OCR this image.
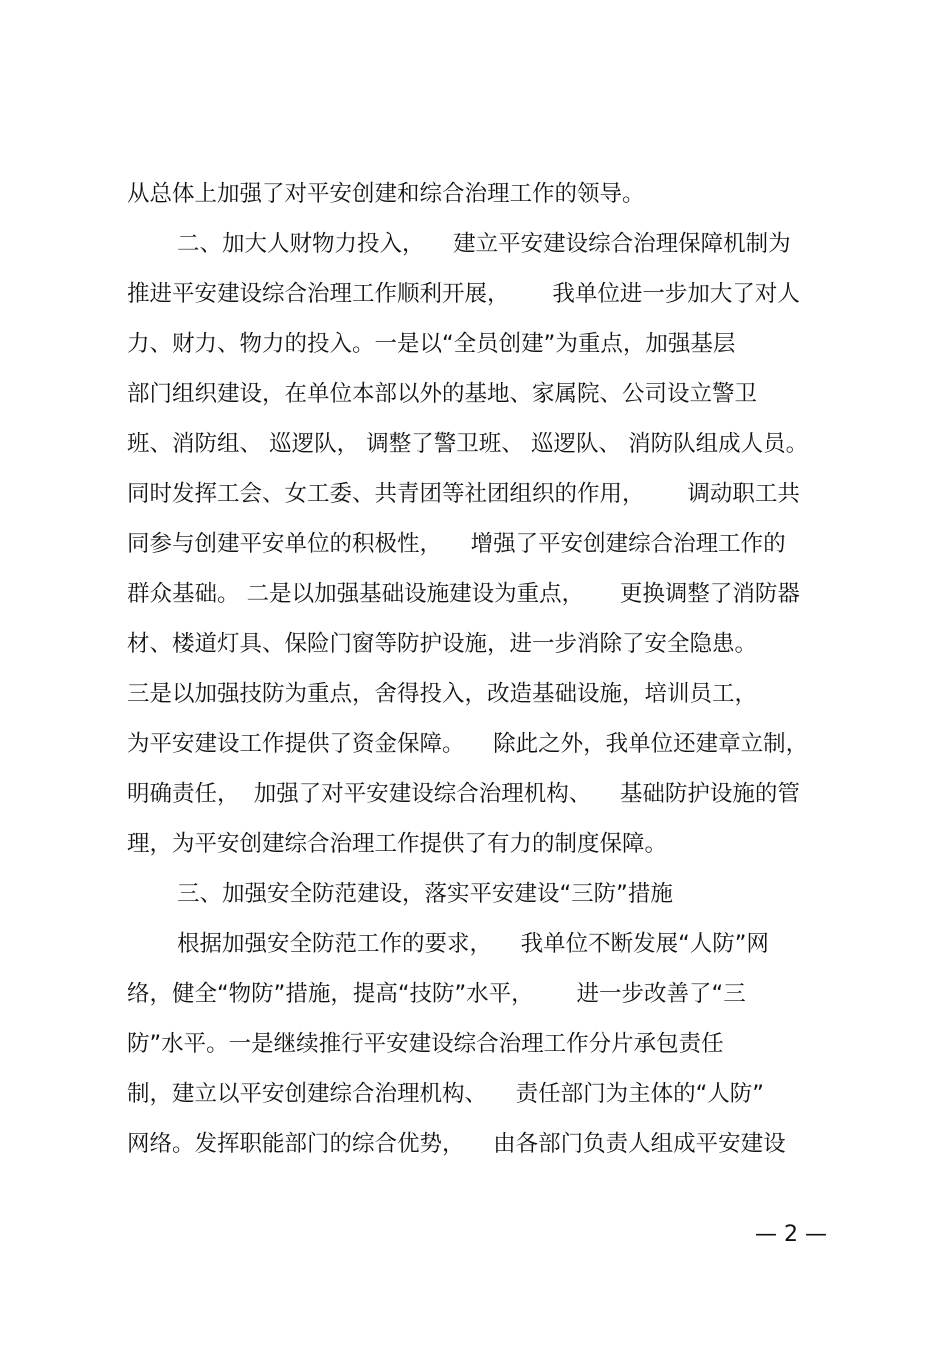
从总体上加强了对平安创建和综合治理工作的领导。
二、加大人财物力投入，    建立平安建设综合治理保障机制为
推进平安建设综合治理工作顺利开展，      我单位进一步加大了对人
力、财力、物力的投入。一是以“全员创建”为重点，加强基层
部门组织建设，在单位本部以外的基地、家属院、公司设立警卫
班、消防组、 巡逻队， 调整了警卫班、 巡逻队、 消防队组成人员。
同时发挥工会、女工委、共青团等社团组织的作用，      调动职工共
同参与创建平安单位的积极性，    增强了平安创建综合治理工作的
群众基础。 二是以加强基础设施建设为重点，     更换调整了消防器
材、楼道灯具、保险门窗等防护设施，进一步消除了安全隐患。
三是以加强技防为重点，舍得投入，改造基础设施，培训员工，
为平安建设工作提供了资金保障。    除此之外，我单位还建章立制，
明确责任，  加强了对平安建设综合治理机构、    基础防护设施的管
理，为平安创建综合治理工作提供了有力的制度保障。
三、加强安全防范建设，落实平安建设“三防”措施
根据加强安全防范工作的要求，    我单位不断发展“人防”网
络，健全“物防”措施，提高“技防”水平，      进一步改善了“三
防”水平。一是继续推行平安建设综合治理工作分片承包责任
制，建立以平安创建综合治理机构、    责任部门为主体的“人防”
网络。发挥职能部门的综合优势，    由各部门负责人组成平安建设
— 2 —
